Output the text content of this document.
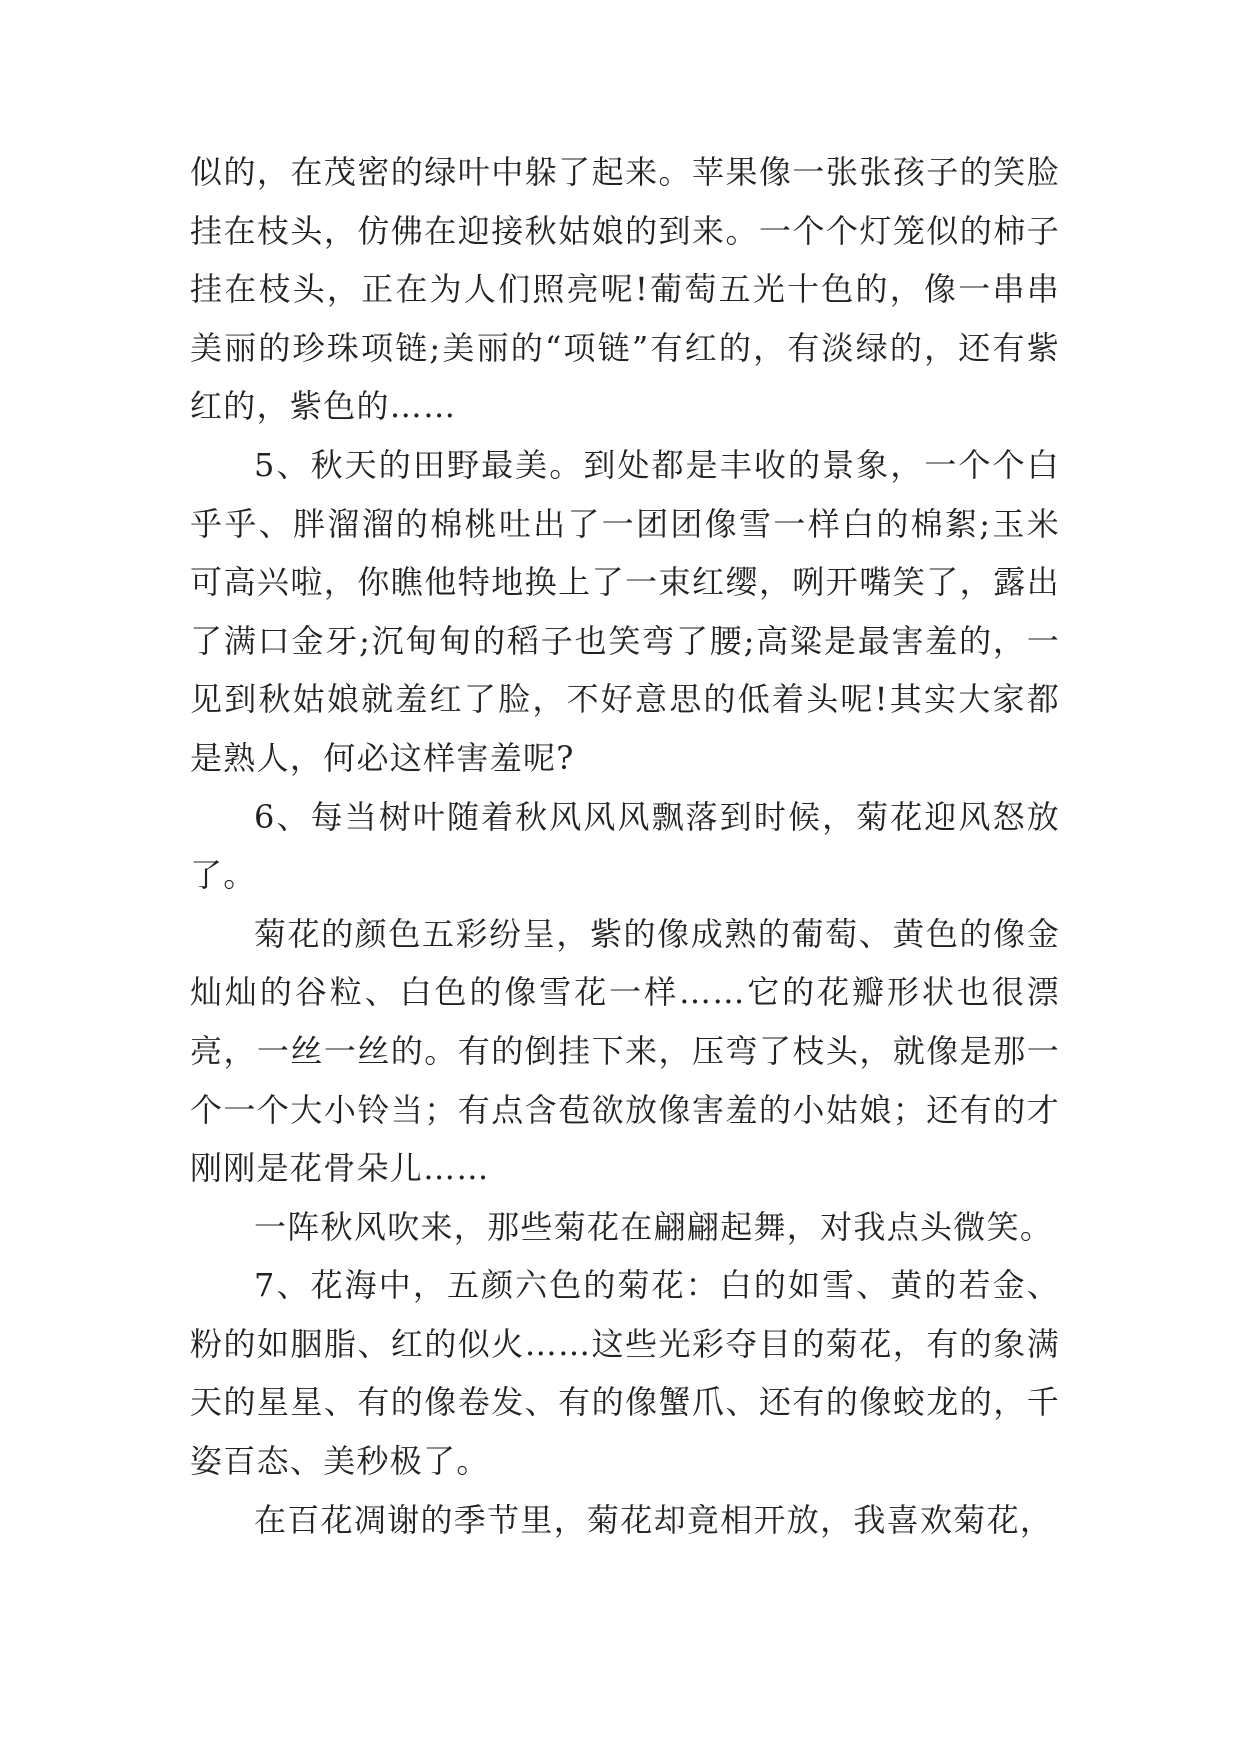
似的，在茂密的绿叶中躲了起来。苹果像一张张孩子的笑脸挂在枝头，仿佛在迎接秋姑娘的到来。一个个灯笼似的柿子挂在枝头，正在为人们照亮呢!葡萄五光十色的，像一串串美丽的珍珠项链;美丽的“项链”有红的，有淡绿的，还有紫红的，紫色的……

5、秋天的田野最美。到处都是丰收的景象，一个个白乎乎、胖溜溜的棉桃吐出了一团团像雪一样白的棉絮;玉米可高兴啦，你瞧他特地换上了一束红缨，咧开嘴笑了，露出了满口金牙;沉甸甸的稻子也笑弯了腰;高粱是最害羞的，一见到秋姑娘就羞红了脸，不好意思的低着头呢!其实大家都是熟人，何必这样害羞呢?

6、每当树叶随着秋风风风飘落到时候，菊花迎风怒放了。

菊花的颜色五彩纷呈，紫的像成熟的葡萄、黄色的像金灿灿的谷粒、白色的像雪花一样……它的花瓣形状也很漂亮，一丝一丝的。有的倒挂下来，压弯了枝头，就像是那一个一个大小铃当；有点含苞欲放像害羞的小姑娘；还有的才刚刚是花骨朵儿……

一阵秋风吹来，那些菊花在翩翩起舞，对我点头微笑。

7、花海中，五颜六色的菊花：白的如雪、黄的若金、粉的如胭脂、红的似火……这些光彩夺目的菊花，有的象满天的星星、有的像卷发、有的像蟹爪、还有的像蛟龙的，千姿百态、美秒极了。

在百花凋谢的季节里，菊花却竟相开放，我喜欢菊花，
